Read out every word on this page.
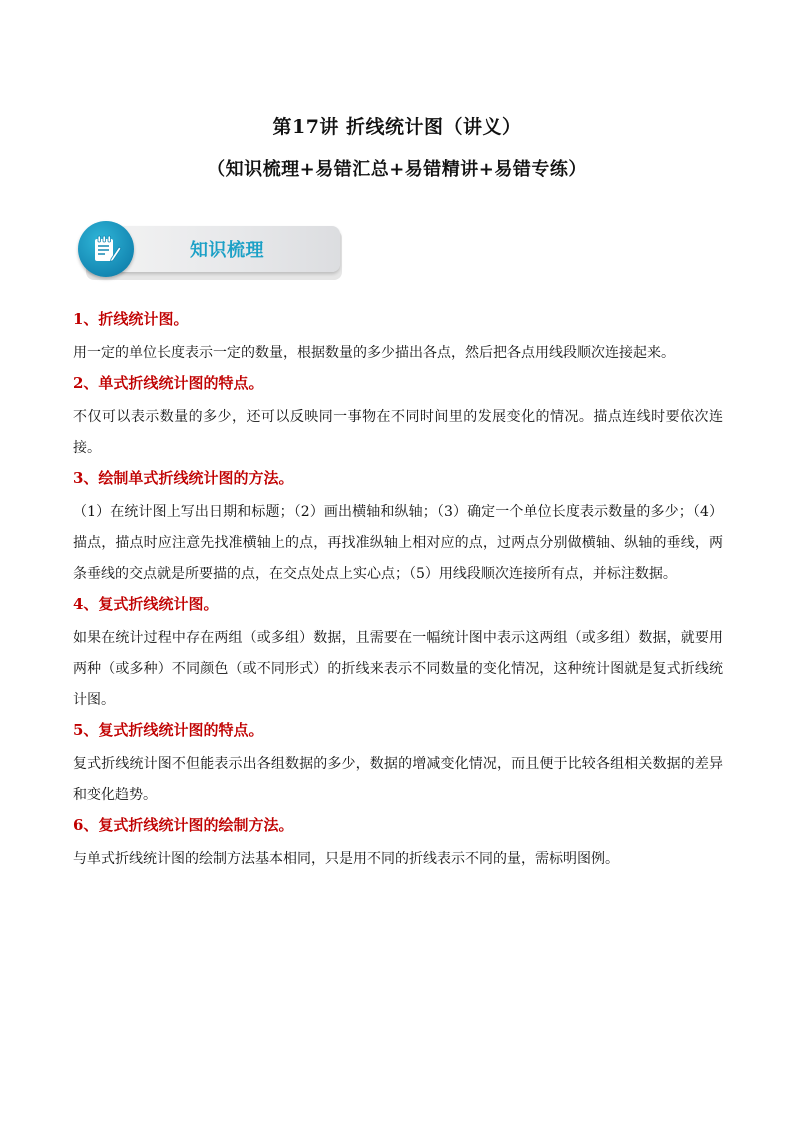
第17讲 折线统计图（讲义）
（知识梳理+易错汇总+易错精讲+易错专练）
知识梳理
1、折线统计图。
用一定的单位长度表示一定的数量，根据数量的多少描出各点，然后把各点用线段顺次连接起来。
2、单式折线统计图的特点。
不仅可以表示数量的多少，还可以反映同一事物在不同时间里的发展变化的情况。描点连线时要依次连接。
3、绘制单式折线统计图的方法。
（1）在统计图上写出日期和标题；（2）画出横轴和纵轴；（3）确定一个单位长度表示数量的多少；（4）描点，描点时应注意先找准横轴上的点，再找准纵轴上相对应的点，过两点分别做横轴、纵轴的垂线，两条垂线的交点就是所要描的点，在交点处点上实心点；（5）用线段顺次连接所有点，并标注数据。
4、复式折线统计图。
如果在统计过程中存在两组（或多组）数据，且需要在一幅统计图中表示这两组（或多组）数据，就要用两种（或多种）不同颜色（或不同形式）的折线来表示不同数量的变化情况，这种统计图就是复式折线统计图。
5、复式折线统计图的特点。
复式折线统计图不但能表示出各组数据的多少，数据的增减变化情况，而且便于比较各组相关数据的差异和变化趋势。
6、复式折线统计图的绘制方法。
与单式折线统计图的绘制方法基本相同，只是用不同的折线表示不同的量，需标明图例。
